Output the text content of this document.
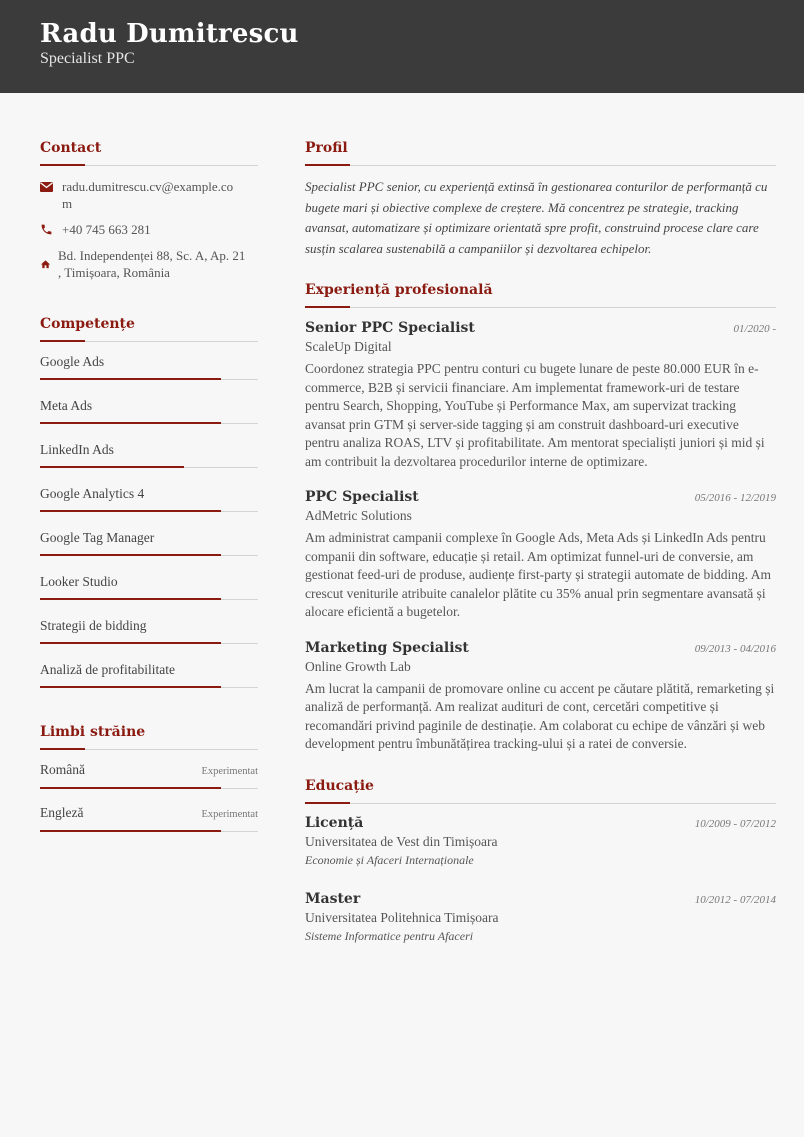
Radu Dumitrescu
Specialist PPC
Contact
radu.dumitrescu.cv@example.co
m
+40 745 663 281
Bd. Independenței 88, Sc. A, Ap. 21
, Timișoara, România
Competențe
Google Ads
Meta Ads
LinkedIn Ads
Google Analytics 4
Google Tag Manager
Looker Studio
Strategii de bidding
Analiză de profitabilitate
Limbi străine
Română	Experimentat
Engleză	Experimentat
Profil
Specialist PPC senior, cu experiență extinsă în gestionarea conturilor de performanță cu bugete mari și obiective complexe de creștere. Mă concentrez pe strategie, tracking avansat, automatizare și optimizare orientată spre profit, construind procese clare care susțin scalarea sustenabilă a campaniilor și dezvoltarea echipelor.
Experiență profesională
Senior PPC Specialist	01/2020 -
ScaleUp Digital
Coordonez strategia PPC pentru conturi cu bugete lunare de peste 80.000 EUR în e-commerce, B2B și servicii financiare. Am implementat framework-uri de testare pentru Search, Shopping, YouTube și Performance Max, am supervizat tracking avansat prin GTM și server-side tagging și am construit dashboard-uri executive pentru analiza ROAS, LTV și profitabilitate. Am mentorat specialiști juniori și mid și am contribuit la dezvoltarea procedurilor interne de optimizare.
PPC Specialist	05/2016 - 12/2019
AdMetric Solutions
Am administrat campanii complexe în Google Ads, Meta Ads și LinkedIn Ads pentru companii din software, educație și retail. Am optimizat funnel-uri de conversie, am gestionat feed-uri de produse, audiențe first-party și strategii automate de bidding. Am crescut veniturile atribuite canalelor plătite cu 35% anual prin segmentare avansată și alocare eficientă a bugetelor.
Marketing Specialist	09/2013 - 04/2016
Online Growth Lab
Am lucrat la campanii de promovare online cu accent pe căutare plătită, remarketing și analiză de performanță. Am realizat audituri de cont, cercetări competitive și recomandări privind paginile de destinație. Am colaborat cu echipe de vânzări și web development pentru îmbunătățirea tracking-ului și a ratei de conversie.
Educație
Licență	10/2009 - 07/2012
Universitatea de Vest din Timișoara
Economie și Afaceri Internaționale
Master	10/2012 - 07/2014
Universitatea Politehnica Timișoara
Sisteme Informatice pentru Afaceri
